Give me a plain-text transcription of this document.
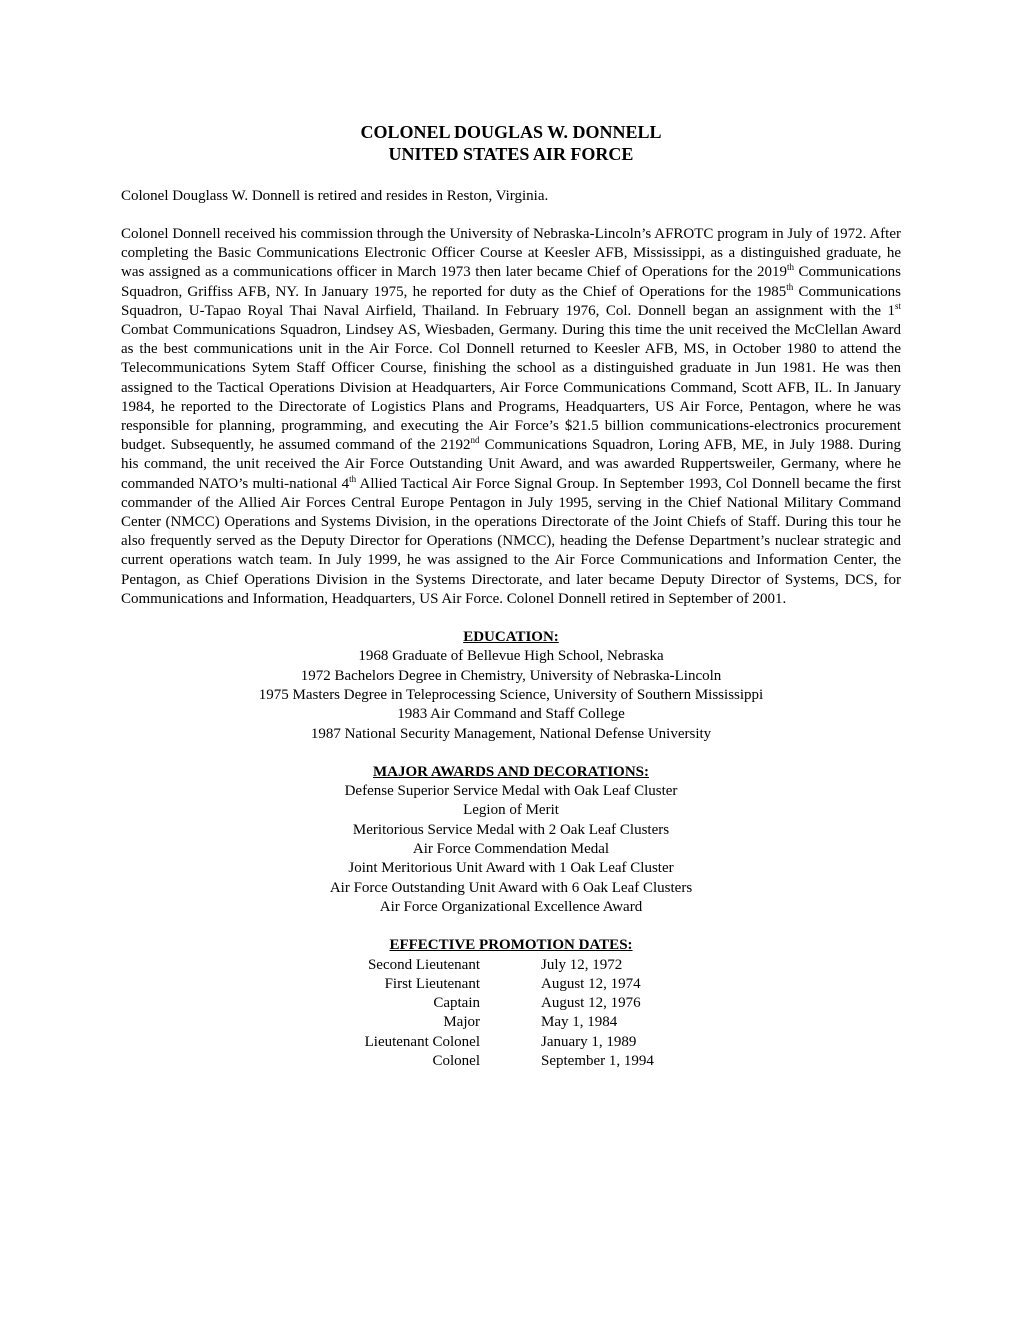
COLONEL DOUGLAS W. DONNELL
UNITED STATES AIR FORCE
Colonel Douglass W. Donnell is retired and resides in Reston, Virginia.
Colonel Donnell received his commission through the University of Nebraska-Lincoln’s AFROTC program in July of 1972. After completing the Basic Communications Electronic Officer Course at Keesler AFB, Mississippi, as a distinguished graduate, he was assigned as a communications officer in March 1973 then later became Chief of Operations for the 2019th Communications Squadron, Griffiss AFB, NY. In January 1975, he reported for duty as the Chief of Operations for the 1985th Communications Squadron, U-Tapao Royal Thai Naval Airfield, Thailand. In February 1976, Col. Donnell began an assignment with the 1st Combat Communications Squadron, Lindsey AS, Wiesbaden, Germany. During this time the unit received the McClellan Award as the best communications unit in the Air Force. Col Donnell returned to Keesler AFB, MS, in October 1980 to attend the Telecommunications Sytem Staff Officer Course, finishing the school as a distinguished graduate in Jun 1981. He was then assigned to the Tactical Operations Division at Headquarters, Air Force Communications Command, Scott AFB, IL. In January 1984, he reported to the Directorate of Logistics Plans and Programs, Headquarters, US Air Force, Pentagon, where he was responsible for planning, programming, and executing the Air Force’s $21.5 billion communications-electronics procurement budget. Subsequently, he assumed command of the 2192nd Communications Squadron, Loring AFB, ME, in July 1988. During his command, the unit received the Air Force Outstanding Unit Award, and was awarded Ruppertsweiler, Germany, where he commanded NATO’s multi-national 4th Allied Tactical Air Force Signal Group. In September 1993, Col Donnell became the first commander of the Allied Air Forces Central Europe Pentagon in July 1995, serving in the Chief National Military Command Center (NMCC) Operations and Systems Division, in the operations Directorate of the Joint Chiefs of Staff. During this tour he also frequently served as the Deputy Director for Operations (NMCC), heading the Defense Department’s nuclear strategic and current operations watch team. In July 1999, he was assigned to the Air Force Communications and Information Center, the Pentagon, as Chief Operations Division in the Systems Directorate, and later became Deputy Director of Systems, DCS, for Communications and Information, Headquarters, US Air Force. Colonel Donnell retired in September of 2001.
EDUCATION:
1968 Graduate of Bellevue High School, Nebraska
1972 Bachelors Degree in Chemistry, University of Nebraska-Lincoln
1975 Masters Degree in Teleprocessing Science, University of Southern Mississippi
1983 Air Command and Staff College
1987 National Security Management, National Defense University
MAJOR AWARDS AND DECORATIONS:
Defense Superior Service Medal with Oak Leaf Cluster
Legion of Merit
Meritorious Service Medal with 2 Oak Leaf Clusters
Air Force Commendation Medal
Joint Meritorious Unit Award with 1 Oak Leaf Cluster
Air Force Outstanding Unit Award with 6 Oak Leaf Clusters
Air Force Organizational Excellence Award
EFFECTIVE PROMOTION DATES:
Second Lieutenant	July 12, 1972
First Lieutenant	August 12, 1974
Captain	August 12, 1976
Major	May 1, 1984
Lieutenant Colonel	January 1, 1989
Colonel	September 1, 1994
